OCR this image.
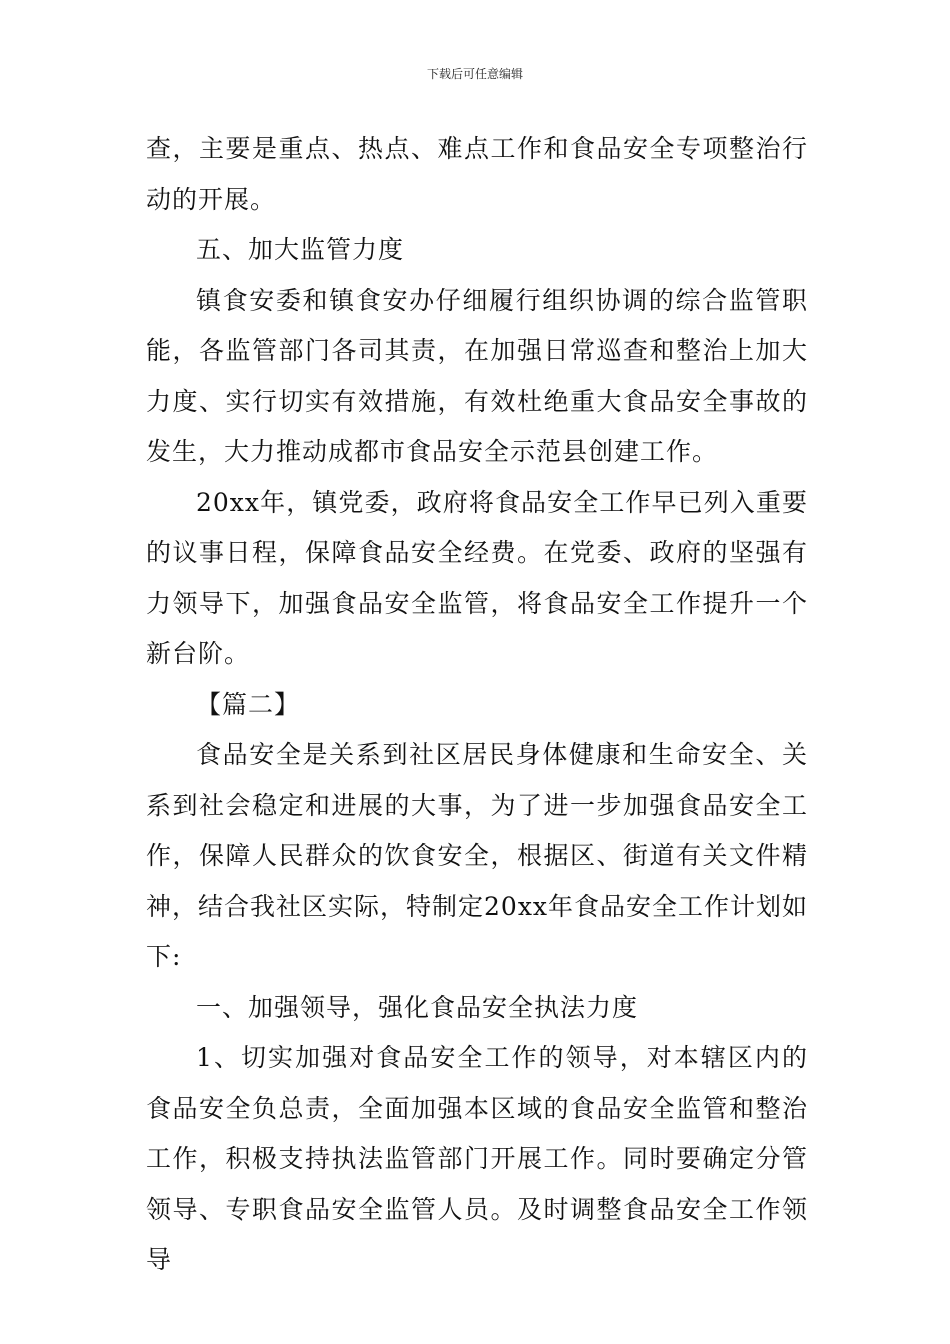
下载后可任意编辑

查，主要是重点、热点、难点工作和食品安全专项整治行动的开展。

五、加大监管力度

镇食安委和镇食安办仔细履行组织协调的综合监管职能，各监管部门各司其责，在加强日常巡查和整治上加大力度、实行切实有效措施，有效杜绝重大食品安全事故的发生，大力推动成都市食品安全示范县创建工作。

20xx年，镇党委，政府将食品安全工作早已列入重要的议事日程，保障食品安全经费。在党委、政府的坚强有力领导下，加强食品安全监管，将食品安全工作提升一个新台阶。

【篇二】

食品安全是关系到社区居民身体健康和生命安全、关系到社会稳定和进展的大事，为了进一步加强食品安全工作，保障人民群众的饮食安全，根据区、街道有关文件精神，结合我社区实际，特制定20xx年食品安全工作计划如下:

一、加强领导，强化食品安全执法力度

1、切实加强对食品安全工作的领导，对本辖区内的食品安全负总责，全面加强本区域的食品安全监管和整治工作，积极支持执法监管部门开展工作。同时要确定分管领导、专职食品安全监管人员。及时调整食品安全工作领导
